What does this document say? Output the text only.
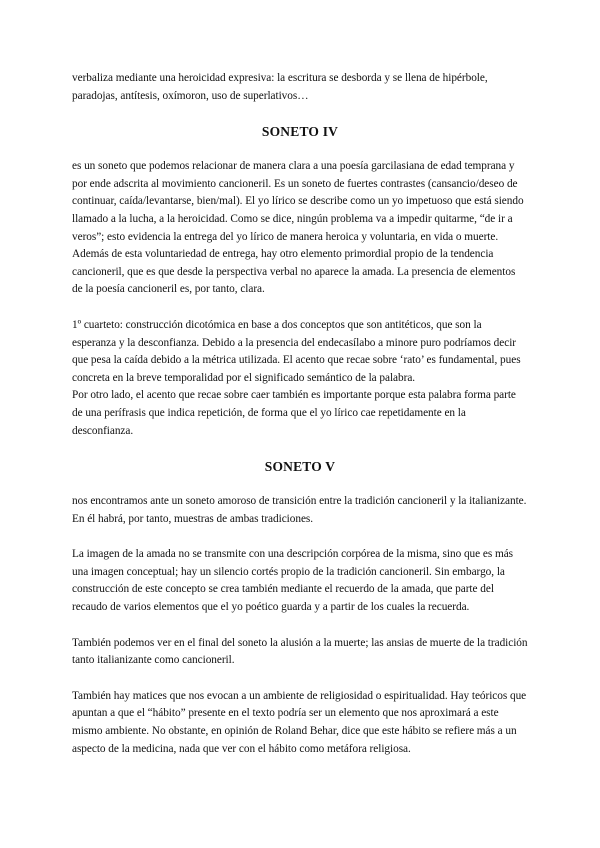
verbaliza mediante una heroicidad expresiva: la escritura se desborda y se llena de hipérbole, paradojas, antítesis, oxímoron, uso de superlativos…

SONETO IV

es un soneto que podemos relacionar de manera clara a una poesía garcilasiana de edad temprana y por ende adscrita al movimiento cancioneril. Es un soneto de fuertes contrastes (cansancio/deseo de continuar, caída/levantarse, bien/mal). El yo lírico se describe como un yo impetuoso que está siendo llamado a la lucha, a la heroicidad. Como se dice, ningún problema va a impedir quitarme, “de ir a veros”; esto evidencia la entrega del yo lírico de manera heroica y voluntaria, en vida o muerte. Además de esta voluntariedad de entrega, hay otro elemento primordial propio de la tendencia cancioneril, que es que desde la perspectiva verbal no aparece la amada. La presencia de elementos de la poesía cancioneril es, por tanto, clara.

1º cuarteto: construcción dicotómica en base a dos conceptos que son antitéticos, que son la esperanza y la desconfianza. Debido a la presencia del endecasílabo a minore puro podríamos decir que pesa la caída debido a la métrica utilizada. El acento que recae sobre ‘rato’ es fundamental, pues concreta en la breve temporalidad por el significado semántico de la palabra.

Por otro lado, el acento que recae sobre caer también es importante porque esta palabra forma parte de una perífrasis que indica repetición, de forma que el yo lírico cae repetidamente en la desconfianza.

SONETO V

nos encontramos ante un soneto amoroso de transición entre la tradición cancioneril y la italianizante. En él habrá, por tanto, muestras de ambas tradiciones.

La imagen de la amada no se transmite con una descripción corpórea de la misma, sino que es más una imagen conceptual; hay un silencio cortés propio de la tradición cancioneril. Sin embargo, la construcción de este concepto se crea también mediante el recuerdo de la amada, que parte del recaudo de varios elementos que el yo poético guarda y a partir de los cuales la recuerda.

También podemos ver en el final del soneto la alusión a la muerte; las ansias de muerte de la tradición tanto italianizante como cancioneril.

También hay matices que nos evocan a un ambiente de religiosidad o espiritualidad. Hay teóricos que apuntan a que el “hábito” presente en el texto podría ser un elemento que nos aproximará a este mismo ambiente. No obstante, en opinión de Roland Behar, dice que este hábito se refiere más a un aspecto de la medicina, nada que ver con el hábito como metáfora religiosa.
